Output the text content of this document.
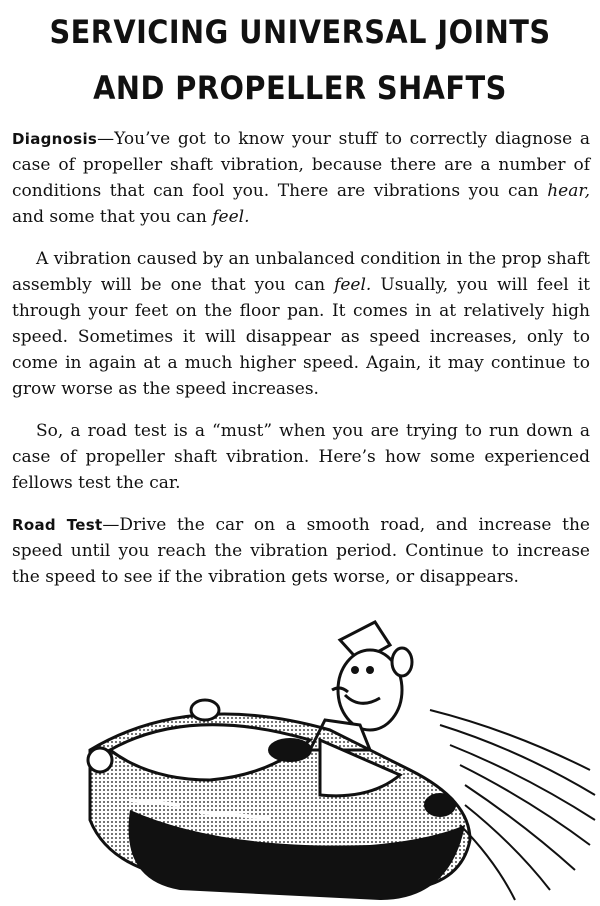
SERVICING UNIVERSAL JOINTS
AND PROPELLER SHAFTS

Diagnosis—You’ve got to know your stuff to correctly diagnose a case of propeller shaft vibration, because there are a number of conditions that can fool you. There are vibrations you can hear, and some that you can feel.

A vibration caused by an unbalanced condition in the prop shaft assembly will be one that you can feel. Usually, you will feel it through your feet on the floor pan. It comes in at relatively high speed. Sometimes it will disappear as speed increases, only to come in again at a much higher speed. Again, it may continue to grow worse as the speed increases.

So, a road test is a “must” when you are trying to run down a case of propeller shaft vibration. Here’s how some experienced fellows test the car.

Road Test—Drive the car on a smooth road, and increase the speed until you reach the vibration period. Continue to increase the speed to see if the vibration gets worse, or disappears.
